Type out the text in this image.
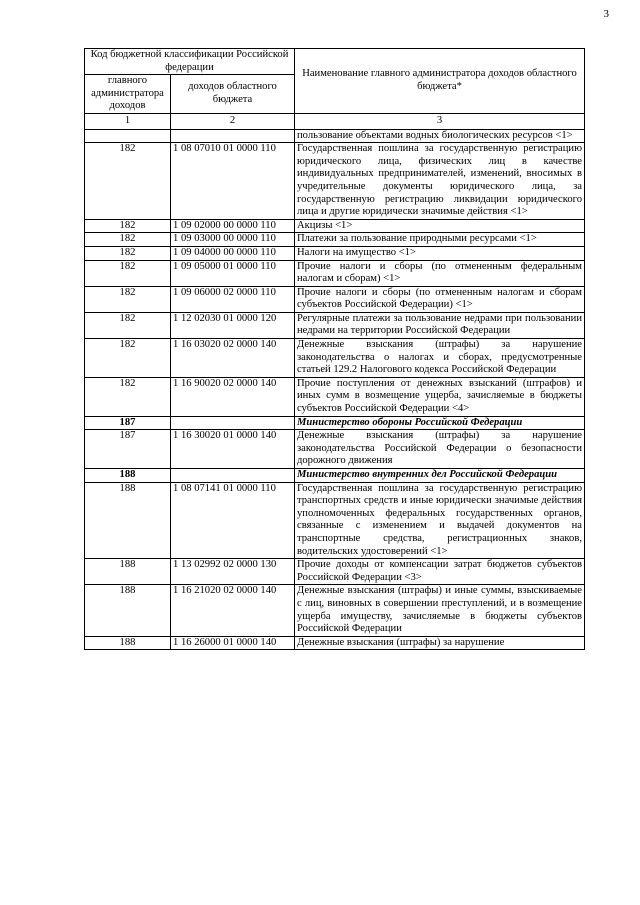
3
Код бюджетной классификации Российской федерации		Наименование главного администратора доходов областного бюджета*
главного администратора доходов	доходов областного бюджета	
1	2	3
		пользование объектами водных биологических ресурсов <1>
182	1 08 07010 01 0000 110	Государственная пошлина за государственную регистрацию юридического лица, физических лиц в качестве индивидуальных предпринимателей, изменений, вносимых в учредительные документы юридического лица, за государственную регистрацию ликвидации юридического лица и другие юридически значимые действия <1>
182	1 09 02000 00 0000 110	Акцизы <1>
182	1 09 03000 00 0000 110	Платежи за пользование природными ресурсами <1>
182	1 09 04000 00 0000 110	Налоги на имущество <1>
182	1 09 05000 01 0000 110	Прочие налоги и сборы (по отмененным федеральным налогам и сборам) <1>
182	1 09 06000 02 0000 110	Прочие налоги и сборы (по отмененным налогам и сборам субъектов Российской Федерации) <1>
182	1 12 02030 01 0000 120	Регулярные платежи за пользование недрами при пользовании недрами на территории Российской Федерации
182	1 16 03020 02 0000 140	Денежные взыскания (штрафы) за нарушение законодательства о налогах и сборах, предусмотренные статьей 129.2 Налогового кодекса Российской Федерации
182	1 16 90020 02 0000 140	Прочие поступления от денежных взысканий (штрафов) и иных сумм в возмещение ущерба, зачисляемые в бюджеты субъектов Российской Федерации <4>
187		Министерство обороны Российской Федерации
187	1 16 30020 01 0000 140	Денежные взыскания (штрафы) за нарушение законодательства Российской Федерации о безопасности дорожного движения
188		Министерство внутренних дел Российской Федерации
188	1 08 07141 01 0000 110	Государственная пошлина за государственную регистрацию транспортных средств и иные юридически значимые действия уполномоченных федеральных государственных органов, связанные с изменением и выдачей документов на транспортные средства, регистрационных знаков, водительских удостоверений <1>
188	1 13 02992 02 0000 130	Прочие доходы от компенсации затрат бюджетов субъектов Российской Федерации <3>
188	1 16 21020 02 0000 140	Денежные взыскания (штрафы) и иные суммы, взыскиваемые с лиц, виновных в совершении преступлений, и в возмещение ущерба имуществу, зачисляемые в бюджеты субъектов Российской Федерации
188	1 16 26000 01 0000 140	Денежные взыскания (штрафы) за нарушение
